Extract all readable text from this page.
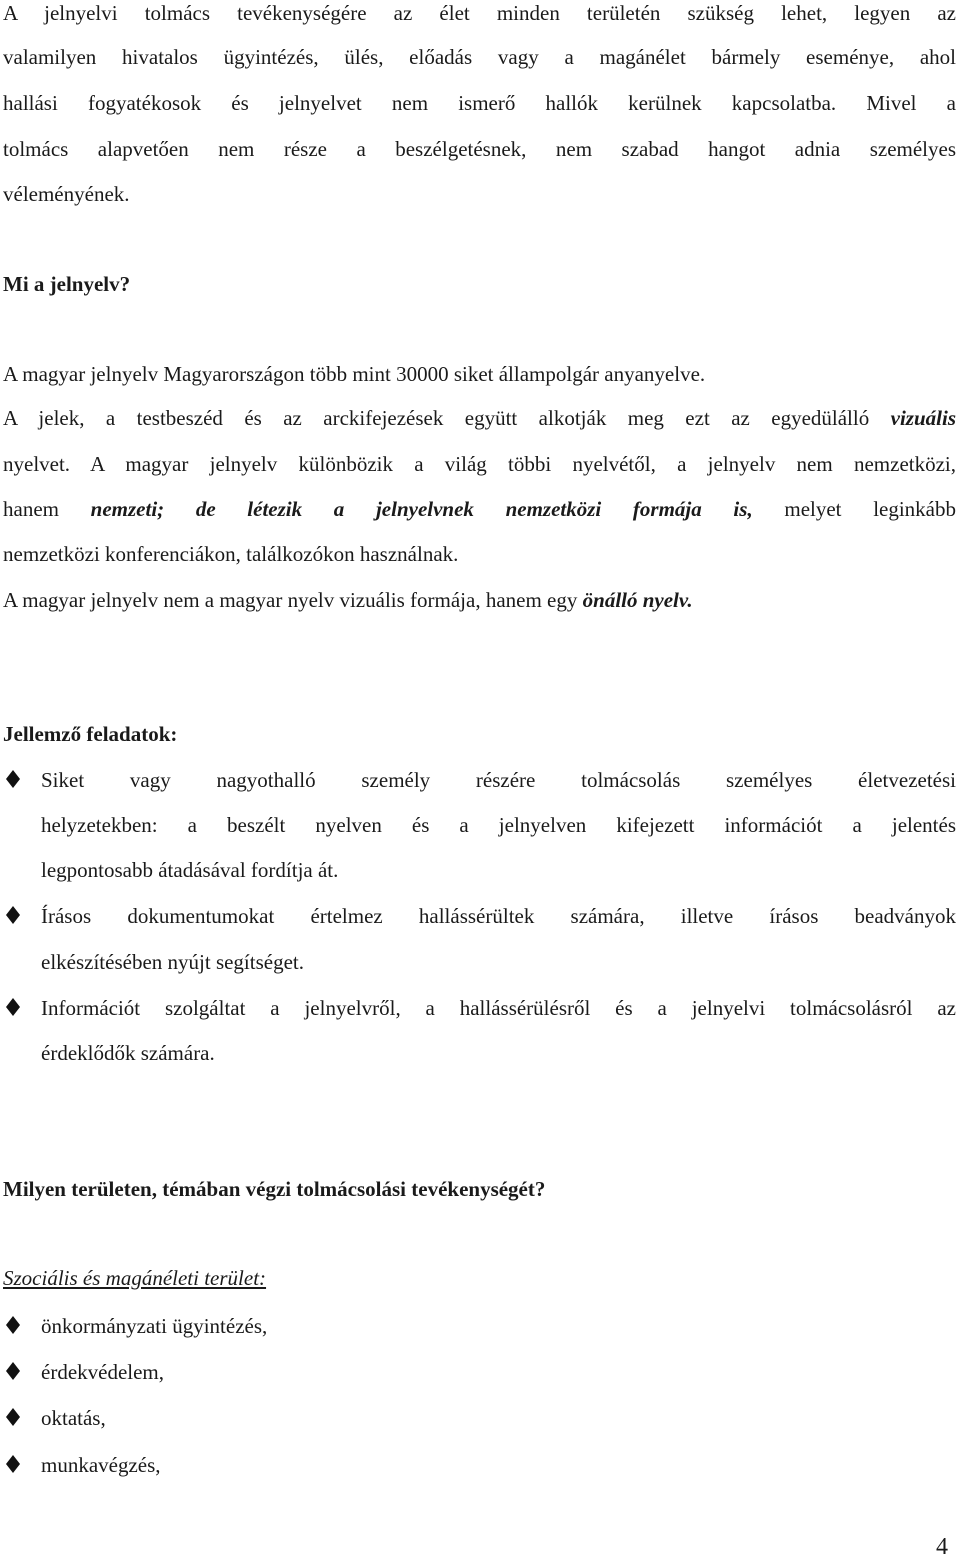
A jelnyelvi tolmács tevékenységére az élet minden területén szükség lehet, legyen az
valamilyen hivatalos ügyintézés, ülés, előadás vagy a magánélet bármely eseménye, ahol
hallási fogyatékosok és jelnyelvet nem ismerő hallók kerülnek kapcsolatba. Mivel a
tolmács alapvetően nem része a beszélgetésnek, nem szabad hangot adnia személyes
véleményének.
Mi a jelnyelv?
A magyar jelnyelv Magyarországon több mint 30000 siket állampolgár anyanyelve.
A jelek, a testbeszéd és az arckifejezések együtt alkotják meg ezt az egyedülálló vizuális
nyelvet. A magyar jelnyelv különbözik a világ többi nyelvétől, a jelnyelv nem nemzetközi,
hanem nemzeti; de létezik a jelnyelvnek nemzetközi formája is, melyet leginkább
nemzetközi konferenciákon, találkozókon használnak.
A magyar jelnyelv nem a magyar nyelv vizuális formája, hanem egy önálló nyelv.
Jellemző feladatok:
Siket vagy nagyothalló személy részére tolmácsolás személyes életvezetési
helyzetekben: a beszélt nyelven és a jelnyelven kifejezett információt a jelentés
legpontosabb átadásával fordítja át.
Írásos dokumentumokat értelmez hallássérültek számára, illetve írásos beadványok
elkészítésében nyújt segítséget.
Információt szolgáltat a jelnyelvről, a hallássérülésről és a jelnyelvi tolmácsolásról az
érdeklődők számára.
Milyen területen, témában végzi tolmácsolási tevékenységét?
Szociális és magánéleti terület:
önkormányzati ügyintézés,
érdekvédelem,
oktatás,
munkavégzés,
4
